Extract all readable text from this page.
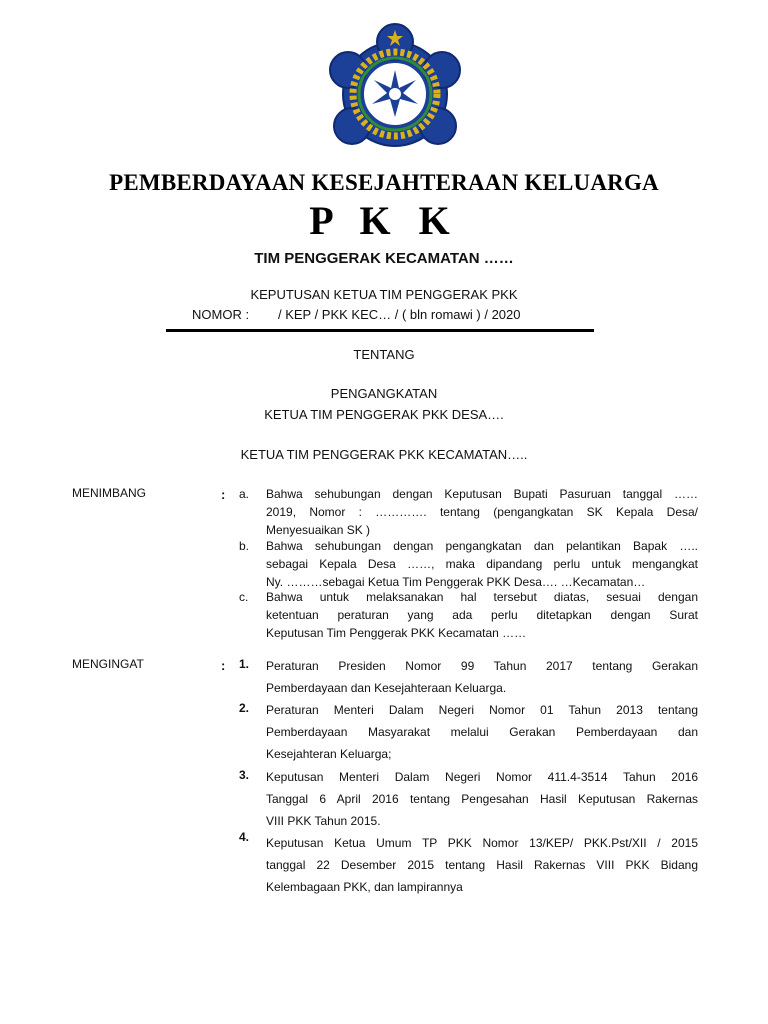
PEMBERDAYAAN KESEJAHTERAAN KELUARGA
P K K
TIM PENGGERAK KECAMATAN ……
KEPUTUSAN KETUA TIM PENGGERAK PKK
NOMOR : / KEP / PKK KEC… / ( bln romawi ) / 2020
TENTANG
PENGANGKATAN
KETUA TIM PENGGERAK PKK DESA….
KETUA TIM PENGGERAK PKK KECAMATAN…..
MENIMBANG	: a. Bahwa sehubungan dengan Keputusan Bupati Pasuruan tanggal ……
2019, Nomor : …………. tentang (pengangkatan SK Kepala Desa/
Menyesuaikan SK )
b. Bahwa sehubungan dengan pengangkatan dan pelantikan Bapak …..
sebagai Kepala Desa ……, maka dipandang perlu untuk mengangkat
Ny. ………sebagai Ketua Tim Penggerak PKK Desa…. …Kecamatan…
c. Bahwa untuk melaksanakan hal tersebut diatas, sesuai dengan
ketentuan peraturan yang ada perlu ditetapkan dengan Surat
Keputusan Tim Penggerak PKK Kecamatan ……
MENGINGAT	: 1. Peraturan Presiden Nomor 99 Tahun 2017 tentang Gerakan
Pemberdayaan dan Kesejahteraan Keluarga.
2. Peraturan Menteri Dalam Negeri Nomor 01 Tahun 2013 tentang
Pemberdayaan Masyarakat melalui Gerakan Pemberdayaan dan
Kesejahteran Keluarga;
3. Keputusan Menteri Dalam Negeri Nomor 411.4-3514 Tahun 2016
Tanggal 6 April 2016 tentang Pengesahan Hasil Keputusan Rakernas
VIII PKK Tahun 2015.
4. Keputusan Ketua Umum TP PKK Nomor 13/KEP/ PKK.Pst/XII / 2015
tanggal 22 Desember 2015 tentang Hasil Rakernas VIII PKK Bidang
Kelembagaan PKK, dan lampirannya
